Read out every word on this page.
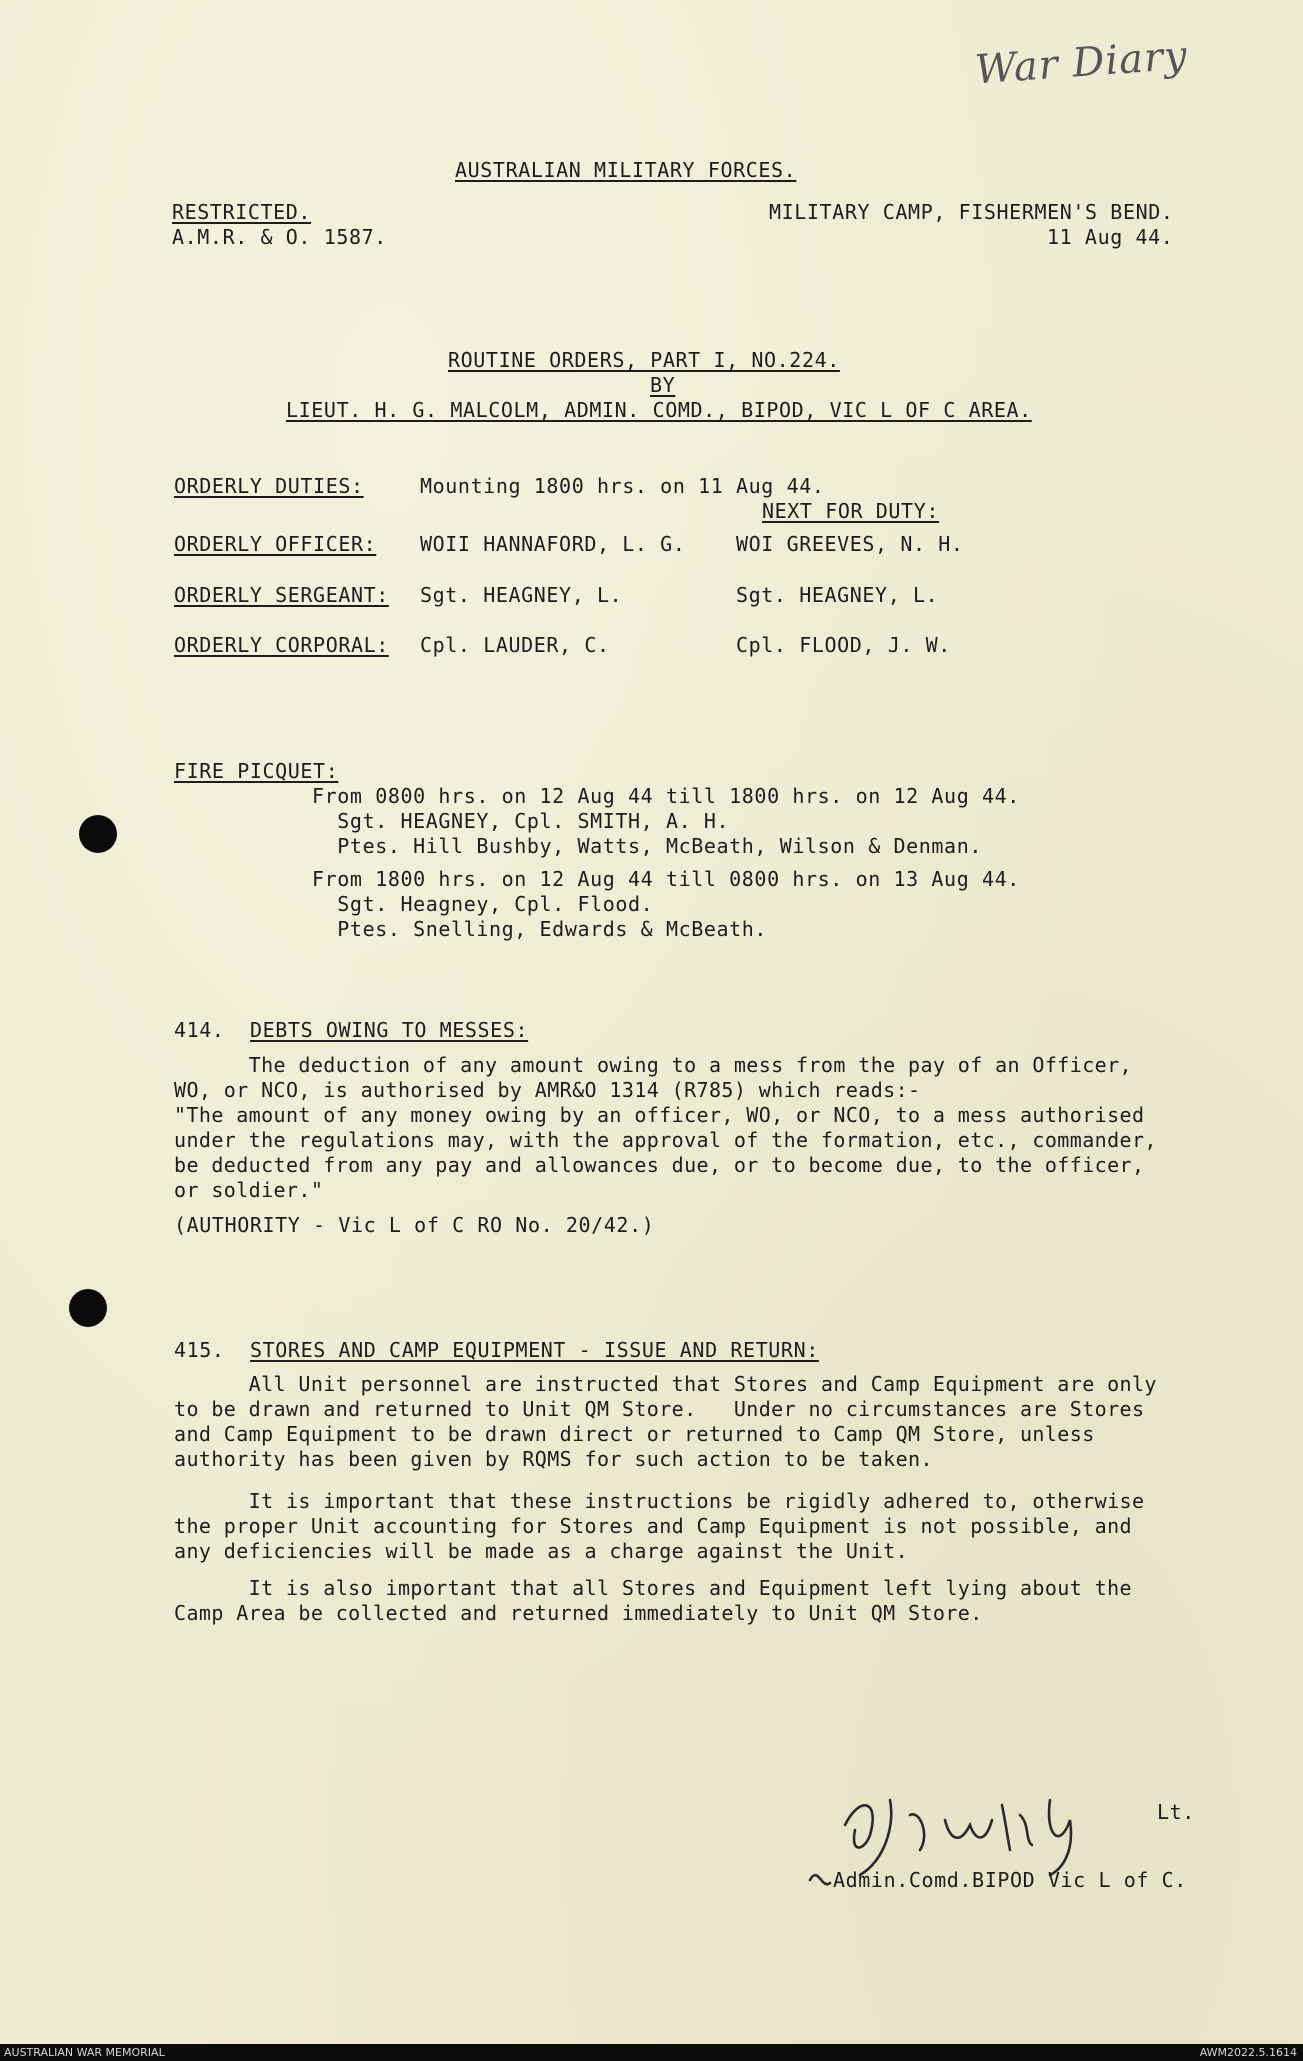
War Diary
AUSTRALIAN MILITARY FORCES.
RESTRICTED.
A.M.R. & O. 1587.
MILITARY CAMP, FISHERMEN'S BEND.
11 Aug 44.
ROUTINE ORDERS, PART I, NO.224.
BY
LIEUT. H. G. MALCOLM, ADMIN. COMD., BIPOD, VIC L OF C AREA.
ORDERLY DUTIES:	Mounting 1800 hrs. on 11 Aug 44.
NEXT FOR DUTY:
ORDERLY OFFICER: WOII HANNAFORD, L. G.	WOI GREEVES, N. H.
ORDERLY SERGEANT: Sgt. HEAGNEY, L.	Sgt. HEAGNEY, L.
ORDERLY CORPORAL: Cpl. LAUDER, C.	Cpl. FLOOD, J. W.
FIRE PICQUET:
From 0800 hrs. on 12 Aug 44 till 1800 hrs. on 12 Aug 44.
Sgt. HEAGNEY, Cpl. SMITH, A. H.
Ptes. Hill Bushby, Watts, McBeath, Wilson & Denman.
From 1800 hrs. on 12 Aug 44 till 0800 hrs. on 13 Aug 44.
Sgt. Heagney, Cpl. Flood.
Ptes. Snelling, Edwards & McBeath.
414. DEBTS OWING TO MESSES:

The deduction of any amount owing to a mess from the pay of an Officer,

WO, or NCO, is authorised by AMR&O 1314 (R785) which reads:-

"The amount of any money owing by an officer, WO, or NCO, to a mess authorised

under the regulations may, with the approval of the formation, etc., commander,

be deducted from any pay and allowances due, or to become due, to the officer,

or soldier."

(AUTHORITY - Vic L of C RO No. 20/42.)
415. STORES AND CAMP EQUIPMENT - ISSUE AND RETURN:

All Unit personnel are instructed that Stores and Camp Equipment are only

to be drawn and returned to Unit QM Store.   Under no circumstances are Stores

and Camp Equipment to be drawn direct or returned to Camp QM Store, unless

authority has been given by RQMS for such action to be taken.

It is important that these instructions be rigidly adhered to, otherwise

the proper Unit accounting for Stores and Camp Equipment is not possible, and

any deficiencies will be made as a charge against the Unit.

It is also important that all Stores and Equipment left lying about the

Camp Area be collected and returned immediately to Unit QM Store.

Lt.
Admin.Comd.BIPOD Vic L of C.
AUSTRALIAN WAR MEMORIAL	AWM2022.5.1614
